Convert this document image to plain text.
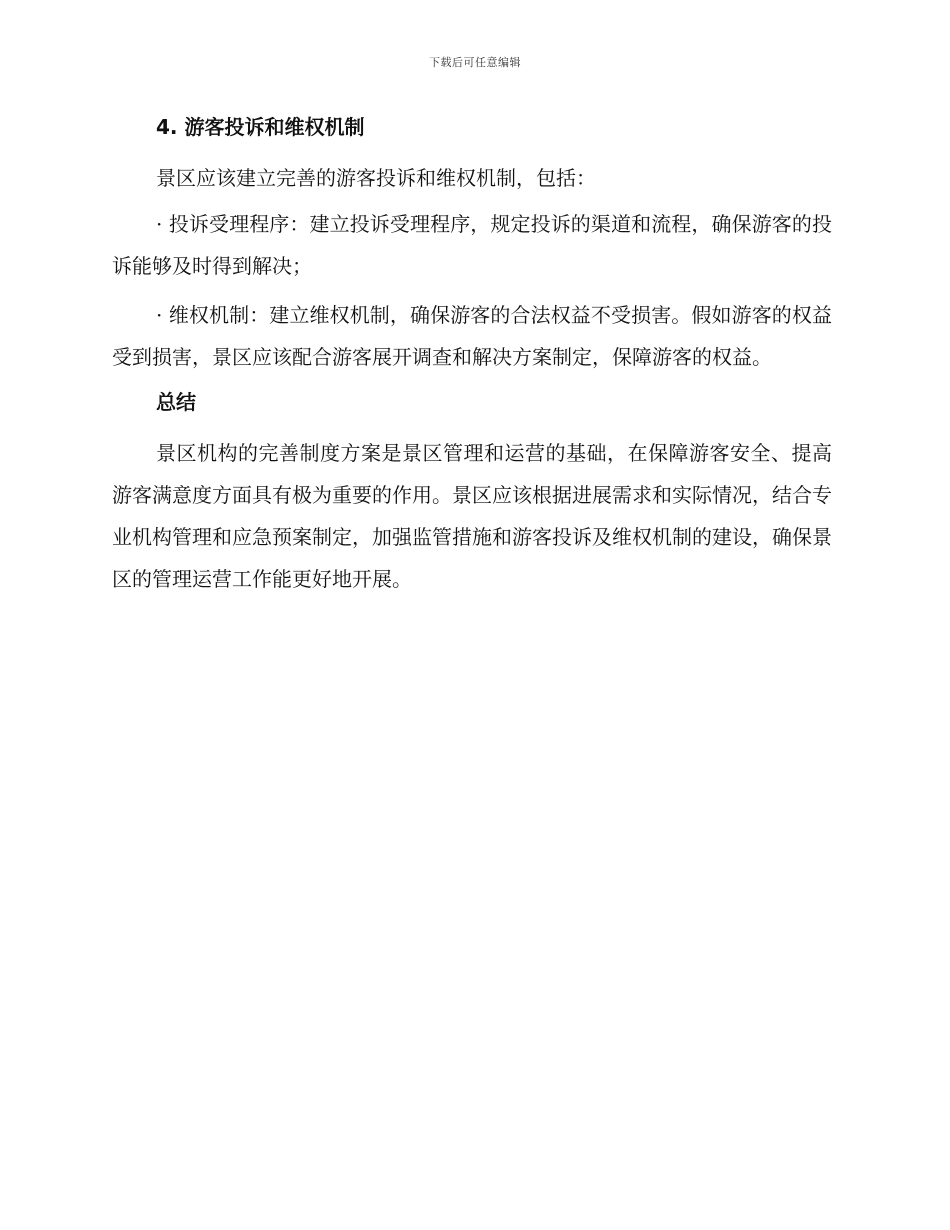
下载后可任意编辑
4. 游客投诉和维权机制

景区应该建立完善的游客投诉和维权机制，包括：

· 投诉受理程序：建立投诉受理程序，规定投诉的渠道和流程，确保游客的投诉能够及时得到解决；

· 维权机制：建立维权机制，确保游客的合法权益不受损害。假如游客的权益受到损害，景区应该配合游客展开调查和解决方案制定，保障游客的权益。

总结

景区机构的完善制度方案是景区管理和运营的基础，在保障游客安全、提高游客满意度方面具有极为重要的作用。景区应该根据进展需求和实际情况，结合专业机构管理和应急预案制定，加强监管措施和游客投诉及维权机制的建设，确保景区的管理运营工作能更好地开展。
